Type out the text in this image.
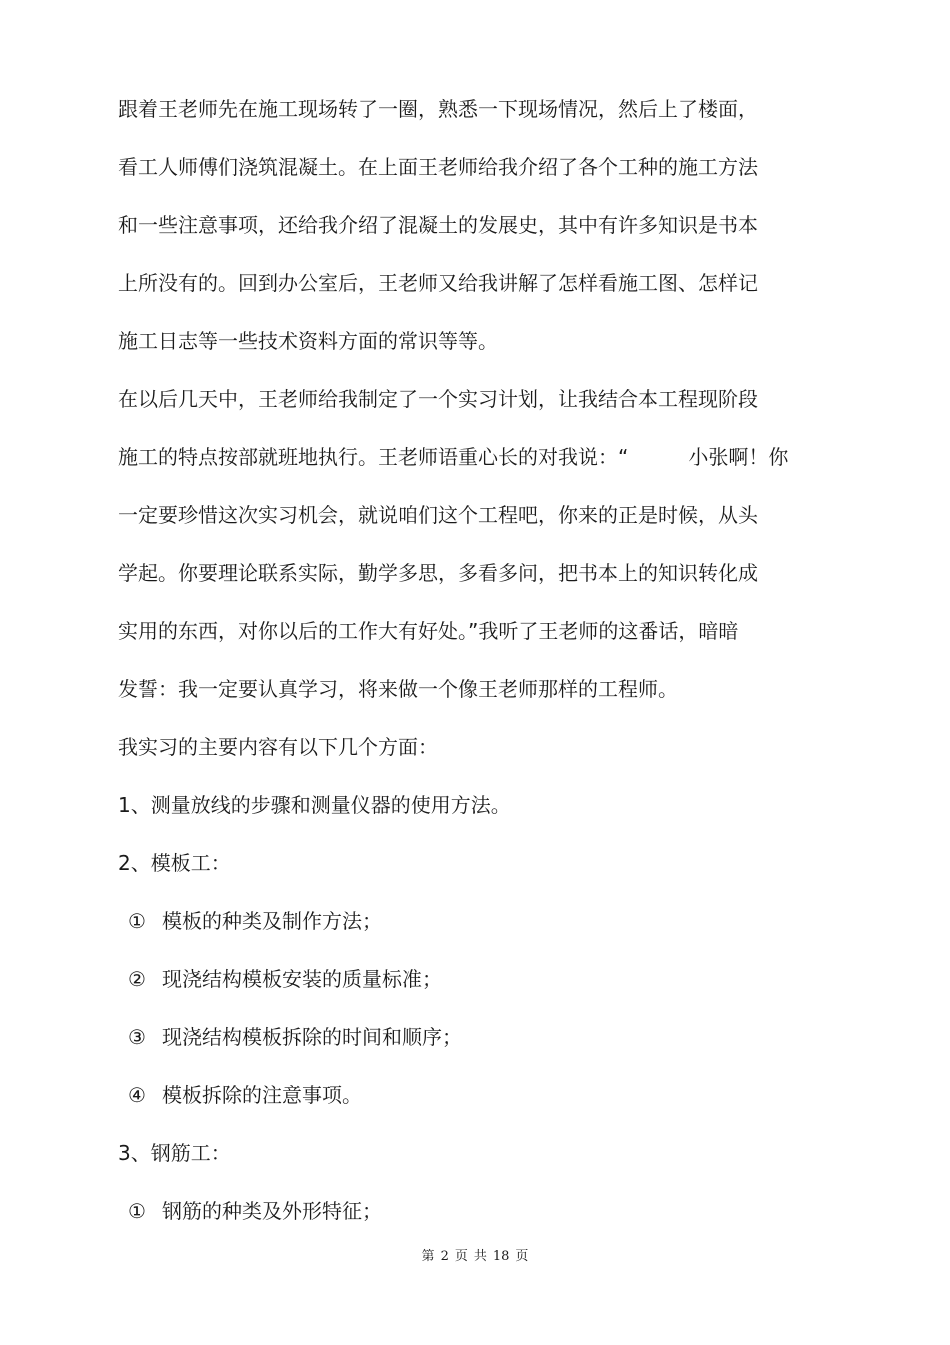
跟着王老师先在施工现场转了一圈，熟悉一下现场情况，然后上了楼面，
看工人师傅们浇筑混凝土。在上面王老师给我介绍了各个工种的施工方法
和一些注意事项，还给我介绍了混凝土的发展史，其中有许多知识是书本
上所没有的。回到办公室后，王老师又给我讲解了怎样看施工图、怎样记
施工日志等一些技术资料方面的常识等等。
在以后几天中，王老师给我制定了一个实习计划，让我结合本工程现阶段
施工的特点按部就班地执行。王老师语重心长的对我说：“	小张啊！你
一定要珍惜这次实习机会，就说咱们这个工程吧，你来的正是时候，从头
学起。你要理论联系实际，勤学多思，多看多问，把书本上的知识转化成
实用的东西，对你以后的工作大有好处。”我听了王老师的这番话，暗暗
发誓：我一定要认真学习，将来做一个像王老师那样的工程师。
我实习的主要内容有以下几个方面：
1、测量放线的步骤和测量仪器的使用方法。
2、模板工：
① 模板的种类及制作方法；
② 现浇结构模板安装的质量标准；
③ 现浇结构模板拆除的时间和顺序；
④ 模板拆除的注意事项。
3、钢筋工：
① 钢筋的种类及外形特征；
第 2 页 共 18 页
